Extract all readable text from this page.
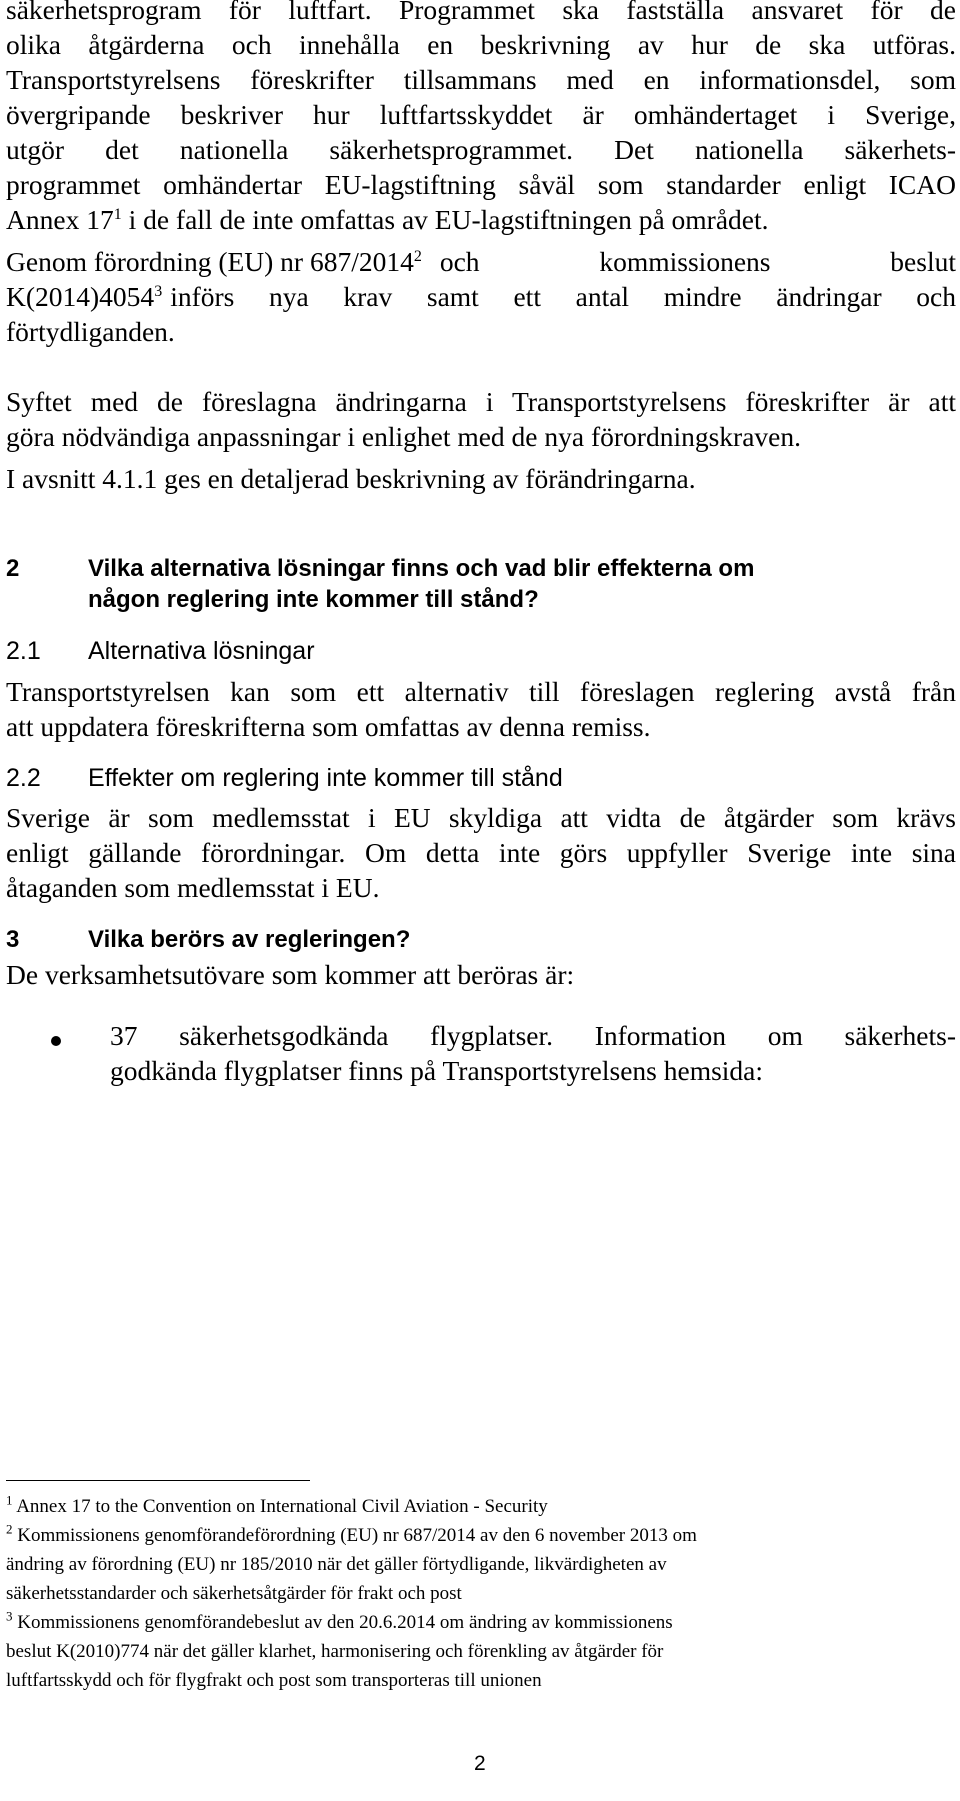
säkerhetsprogram för luftfart. Programmet ska fastställa ansvaret för de
olika åtgärderna och innehålla en beskrivning av hur de ska utföras.
Transportstyrelsens föreskrifter tillsammans med en informationsdel, som
övergripande beskriver hur luftfartsskyddet är omhändertaget i Sverige,
utgör det nationella säkerhetsprogrammet. Det nationella säkerhets-
programmet omhändertar EU-lagstiftning såväl som standarder enligt ICAO
Annex $17^1$ i de fall de inte omfattas av EU-lagstiftningen på området.
Genom förordning (EU) nr 687/2014$^2$ och kommissionens beslut
K(2014)4054$^3$ införs nya krav samt ett antal mindre ändringar och
förtydliganden.
Syftet med de föreslagna ändringarna i Transportstyrelsens föreskrifter är att
göra nödvändiga anpassningar i enlighet med de nya förordningskraven.
I avsnitt 4.1.1 ges en detaljerad beskrivning av förändringarna.
2	Vilka alternativa lösningar finns och vad blir effekterna om
någon reglering inte kommer till stånd?
2.1 Alternativa lösningar
Transportstyrelsen kan som ett alternativ till föreslagen reglering avstå från
att uppdatera föreskrifterna som omfattas av denna remiss.
2.2 Effekter om reglering inte kommer till stånd
Sverige är som medlemsstat i EU skyldiga att vidta de åtgärder som krävs
enligt gällande förordningar. Om detta inte görs uppfyller Sverige inte sina
åtaganden som medlemsstat i EU.
3	Vilka berörs av regleringen?
De verksamhetsutövare som kommer att beröras är:
37 säkerhetsgodkända flygplatser. Information om säkerhets-
godkända flygplatser finns på Transportstyrelsens hemsida:
$^1$ Annex 17 to the Convention on International Civil Aviation - Security
$^2$ Kommissionens genomförandeförordning (EU) nr 687/2014 av den 6 november 2013 om
ändring av förordning (EU) nr 185/2010 när det gäller förtydligande, likvärdigheten av
säkerhetsstandarder och säkerhetsåtgärder för frakt och post
$^3$ Kommissionens genomförandebeslut av den 20.6.2014 om ändring av kommissionens
beslut K(2010)774 när det gäller klarhet, harmonisering och förenkling av åtgärder för
luftfartsskydd och för flygfrakt och post som transporteras till unionen
2
